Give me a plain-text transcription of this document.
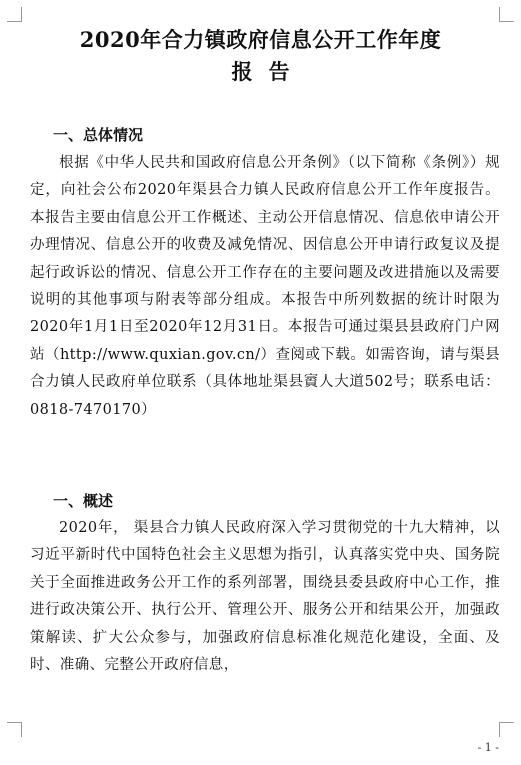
2020年合力镇政府信息公开工作年度
报告
一、总体情况

根据《中华人民共和国政府信息公开条例》（以下简称《条例》）规定，向社会公布2020年渠县合力镇人民政府信息公开工作年度报告。本报告主要由信息公开工作概述、主动公开信息情况、信息依申请公开办理情况、信息公开的收费及减免情况、因信息公开申请行政复议及提起行政诉讼的情况、信息公开工作存在的主要问题及改进措施以及需要说明的其他事项与附表等部分组成。本报告中所列数据的统计时限为2020年1月1日至2020年12月31日。本报告可通过渠县县政府门户网站（http://www.quxian.gov.cn/）查阅或下载。如需咨询，请与渠县合力镇人民政府单位联系（具体地址渠县賨人大道502号；联系电话：0818-7470170）

一、概述

2020年， 渠县合力镇人民政府深入学习贯彻党的十九大精神，以习近平新时代中国特色社会主义思想为指引，认真落实党中央、国务院关于全面推进政务公开工作的系列部署，围绕县委县政府中心工作，推进行政决策公开、执行公开、管理公开、服务公开和结果公开，加强政策解读、扩大公众参与，加强政府信息标准化规范化建设，全面、及时、准确、完整公开政府信息，

- 1 -
